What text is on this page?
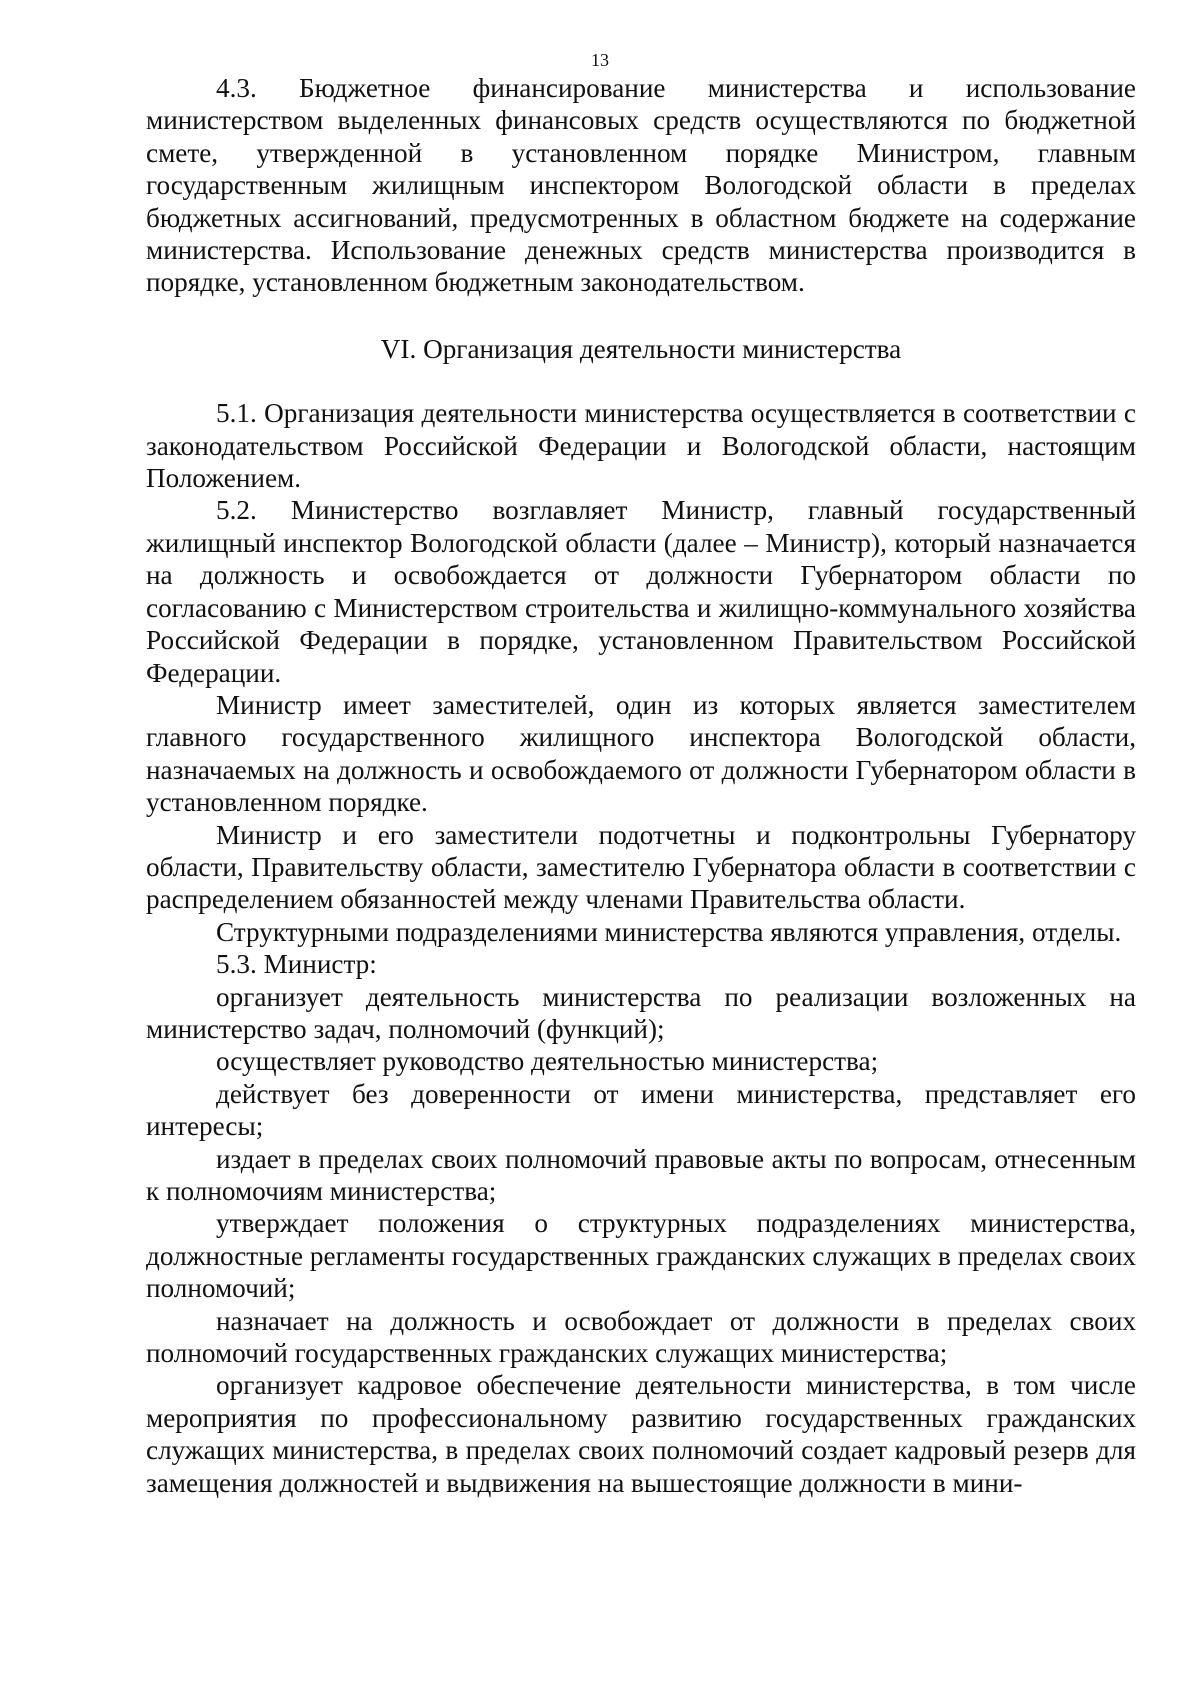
13

4.3. Бюджетное финансирование министерства и использование министерством выделенных финансовых средств осуществляются по бюджетной смете, утвержденной в установленном порядке Министром, главным государственным жилищным инспектором Вологодской области в пределах бюджетных ассигнований, предусмотренных в областном бюджете на содержание министерства. Использование денежных средств министерства производится в порядке, установленном бюджетным законодательством.

VI. Организация деятельности министерства

5.1. Организация деятельности министерства осуществляется в соответствии с законодательством Российской Федерации и Вологодской области, настоящим Положением.

5.2. Министерство возглавляет Министр, главный государственный жилищный инспектор Вологодской области (далее – Министр), который назначается на должность и освобождается от должности Губернатором области по согласованию с Министерством строительства и жилищно-коммунального хозяйства Российской Федерации в порядке, установленном Правительством Российской Федерации.

Министр имеет заместителей, один из которых является заместителем главного государственного жилищного инспектора Вологодской области, назначаемых на должность и освобождаемого от должности Губернатором области в установленном порядке.

Министр и его заместители подотчетны и подконтрольны Губернатору области, Правительству области, заместителю Губернатора области в соответствии с распределением обязанностей между членами Правительства области.

Структурными подразделениями министерства являются управления, отделы.

5.3. Министр:

организует деятельность министерства по реализации возложенных на министерство задач, полномочий (функций);

осуществляет руководство деятельностью министерства;

действует без доверенности от имени министерства, представляет его интересы;

издает в пределах своих полномочий правовые акты по вопросам, отнесенным к полномочиям министерства;

утверждает положения о структурных подразделениях министерства, должностные регламенты государственных гражданских служащих в пределах своих полномочий;

назначает на должность и освобождает от должности в пределах своих полномочий государственных гражданских служащих министерства;

организует кадровое обеспечение деятельности министерства, в том числе мероприятия по профессиональному развитию государственных гражданских служащих министерства, в пределах своих полномочий создает кадровый резерв для замещения должностей и выдвижения на вышестоящие должности в мини-
